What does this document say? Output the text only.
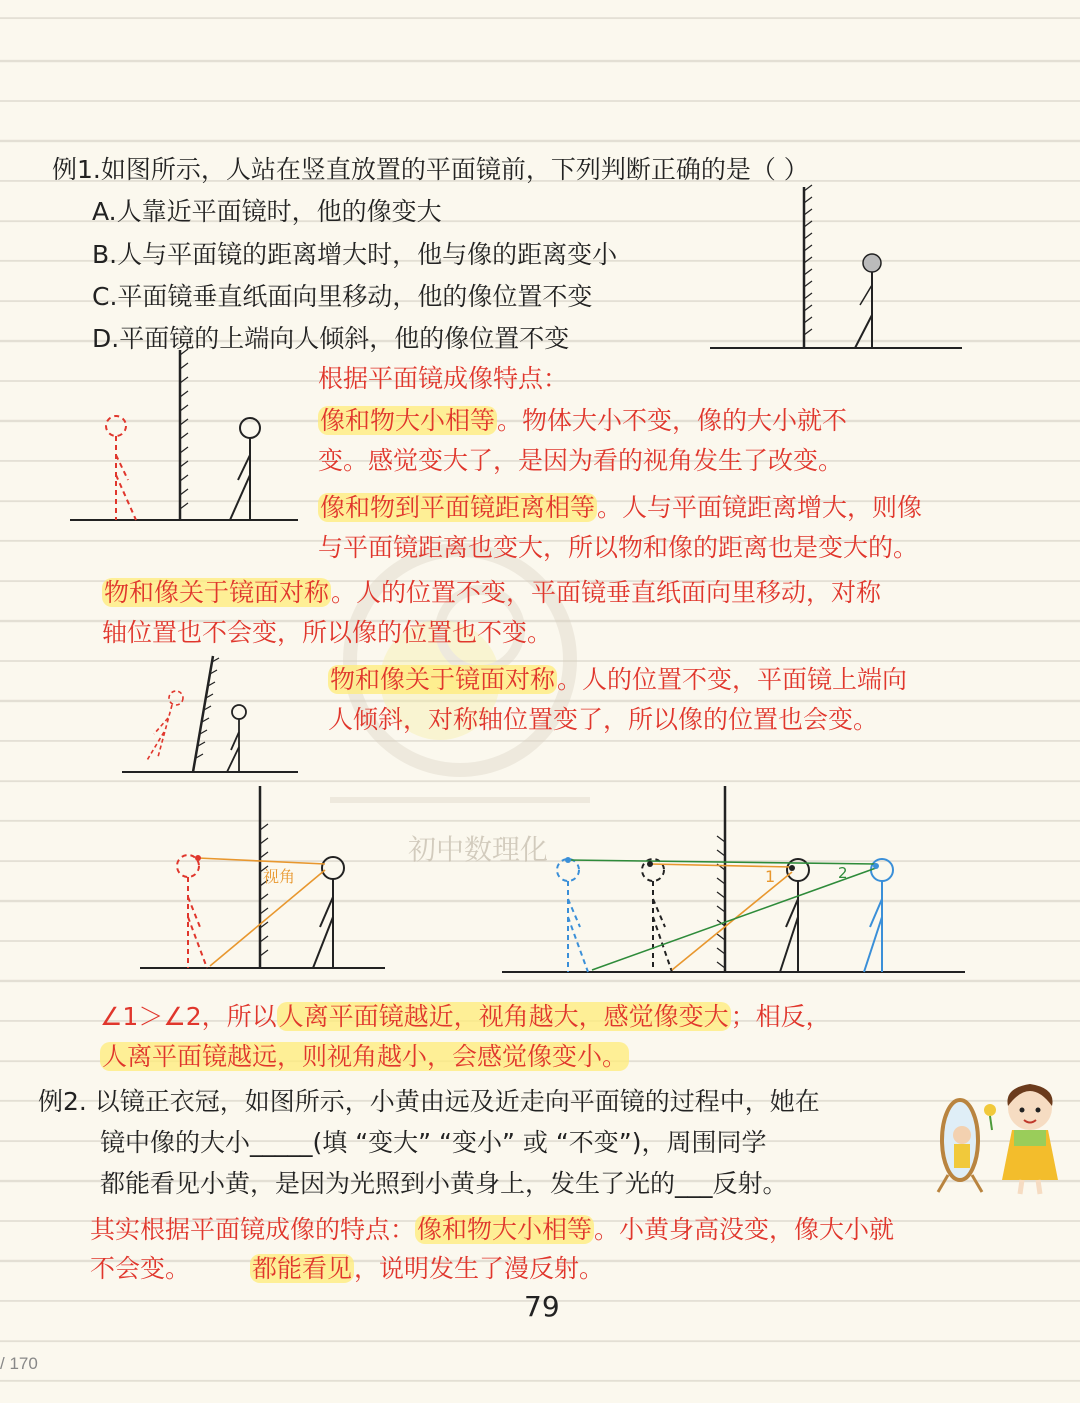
初中数理化
例1.如图所示，人站在竖直放置的平面镜前，下列判断正确的是（ ）
A.人靠近平面镜时，他的像变大
B.人与平面镜的距离增大时，他与像的距离变小
C.平面镜垂直纸面向里移动，他的像位置不变
D.平面镜的上端向人倾斜，他的像位置不变
根据平面镜成像特点：
像和物大小相等。物体大小不变，像的大小就不
变。感觉变大了，是因为看的视角发生了改变。
像和物到平面镜距离相等。人与平面镜距离增大，则像
与平面镜距离也变大，所以物和像的距离也是变大的。
物和像关于镜面对称。人的位置不变，平面镜垂直纸面向里移动，对称
轴位置也不会变，所以像的位置也不变。
物和像关于镜面对称。人的位置不变，平面镜上端向
人倾斜，对称轴位置变了，所以像的位置也会变。
视角	1	2
∠1＞∠2，所以人离平面镜越近，视角越大，感觉像变大；相反，
人离平面镜越远，则视角越小，会感觉像变小。
例2. 以镜正衣冠，如图所示，小黄由远及近走向平面镜的过程中，她在
镜中像的大小_____(填 “变大” “变小” 或 “不变”)，周围同学
都能看见小黄，是因为光照到小黄身上，发生了光的___反射。
其实根据平面镜成像的特点：像和物大小相等。小黄身高没变，像大小就
不会变。 都能看见，说明发生了漫反射。
79
/ 170
